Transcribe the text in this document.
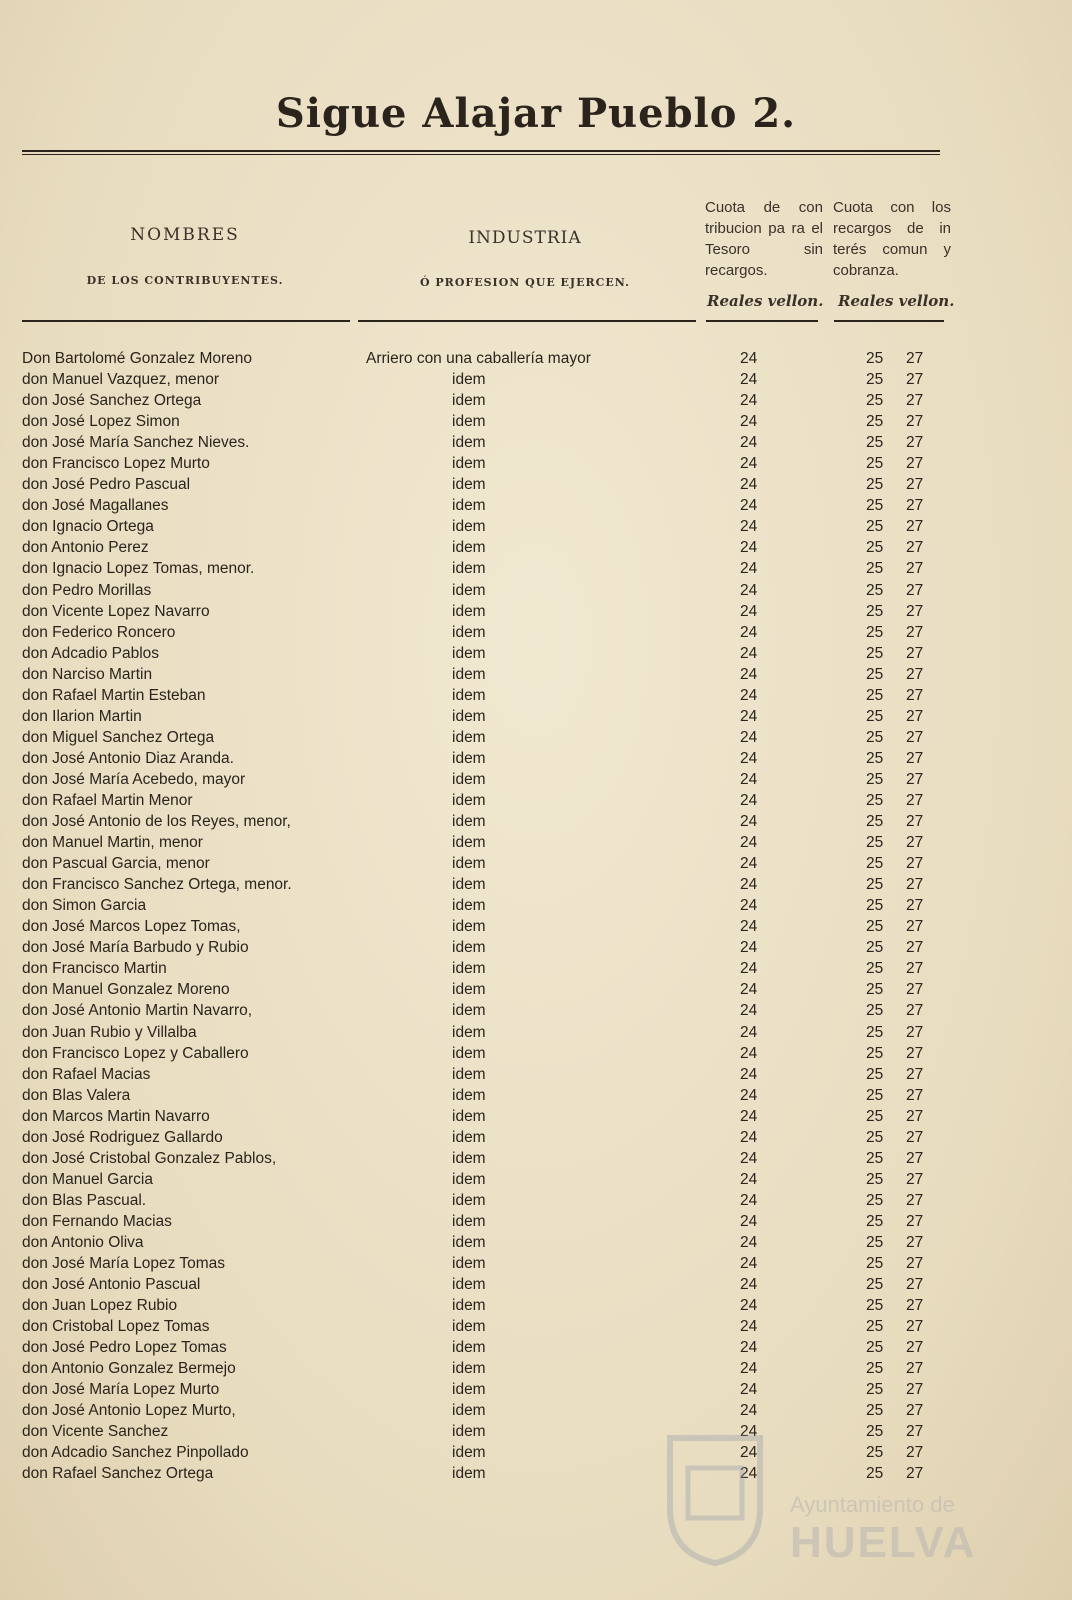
Sigue Alajar Pueblo 2.
NOMBRES
DE LOS CONTRIBUYENTES.
INDUSTRIA
Ó PROFESION QUE EJERCEN.
Cuota de con tribucion pa ra el Tesoro sin recargos.
Cuota con los recargos de in terés comun y cobranza.
Reales vellon. Reales vellon.
Don Bartolomé Gonzalez Moreno	Arriero con una caballería mayor	24	25 27
don Manuel Vazquez, menor	idem	24	25 27
don José Sanchez Ortega	idem	24	25 27
don José Lopez Simon	idem	24	25 27
don José María Sanchez Nieves.	idem	24	25 27
don Francisco Lopez Murto	idem	24	25 27
don José Pedro Pascual	idem	24	25 27
don José Magallanes	idem	24	25 27
don Ignacio Ortega	idem	24	25 27
don Antonio Perez	idem	24	25 27
don Ignacio Lopez Tomas, menor.	idem	24	25 27
don Pedro Morillas	idem	24	25 27
don Vicente Lopez Navarro	idem	24	25 27
don Federico Roncero	idem	24	25 27
don Adcadio Pablos	idem	24	25 27
don Narciso Martin	idem	24	25 27
don Rafael Martin Esteban	idem	24	25 27
don Ilarion Martin	idem	24	25 27
don Miguel Sanchez Ortega	idem	24	25 27
don José Antonio Diaz Aranda.	idem	24	25 27
don José María Acebedo, mayor	idem	24	25 27
don Rafael Martin Menor	idem	24	25 27
don José Antonio de los Reyes, menor,	idem	24	25 27
don Manuel Martin, menor	idem	24	25 27
don Pascual Garcia, menor	idem	24	25 27
don Francisco Sanchez Ortega, menor.	idem	24	25 27
don Simon Garcia	idem	24	25 27
don José Marcos Lopez Tomas,	idem	24	25 27
don José María Barbudo y Rubio	idem	24	25 27
don Francisco Martin	idem	24	25 27
don Manuel Gonzalez Moreno	idem	24	25 27
don José Antonio Martin Navarro,	idem	24	25 27
don Juan Rubio y Villalba	idem	24	25 27
don Francisco Lopez y Caballero	idem	24	25 27
don Rafael Macias	idem	24	25 27
don Blas Valera	idem	24	25 27
don Marcos Martin Navarro	idem	24	25 27
don José Rodriguez Gallardo	idem	24	25 27
don José Cristobal Gonzalez Pablos,	idem	24	25 27
don Manuel Garcia	idem	24	25 27
don Blas Pascual.	idem	24	25 27
don Fernando Macias	idem	24	25 27
don Antonio Oliva	idem	24	25 27
don José María Lopez Tomas	idem	24	25 27
don José Antonio Pascual	idem	24	25 27
don Juan Lopez Rubio	idem	24	25 27
don Cristobal Lopez Tomas	idem	24	25 27
don José Pedro Lopez Tomas	idem	24	25 27
don Antonio Gonzalez Bermejo	idem	24	25 27
don José María Lopez Murto	idem	24	25 27
don José Antonio Lopez Murto,	idem	24	25 27
don Vicente Sanchez	idem	24	25 27
don Adcadio Sanchez Pinpollado	idem	24	25 27
don Rafael Sanchez Ortega	idem	24	25 27
Ayuntamiento de
HUELVA
